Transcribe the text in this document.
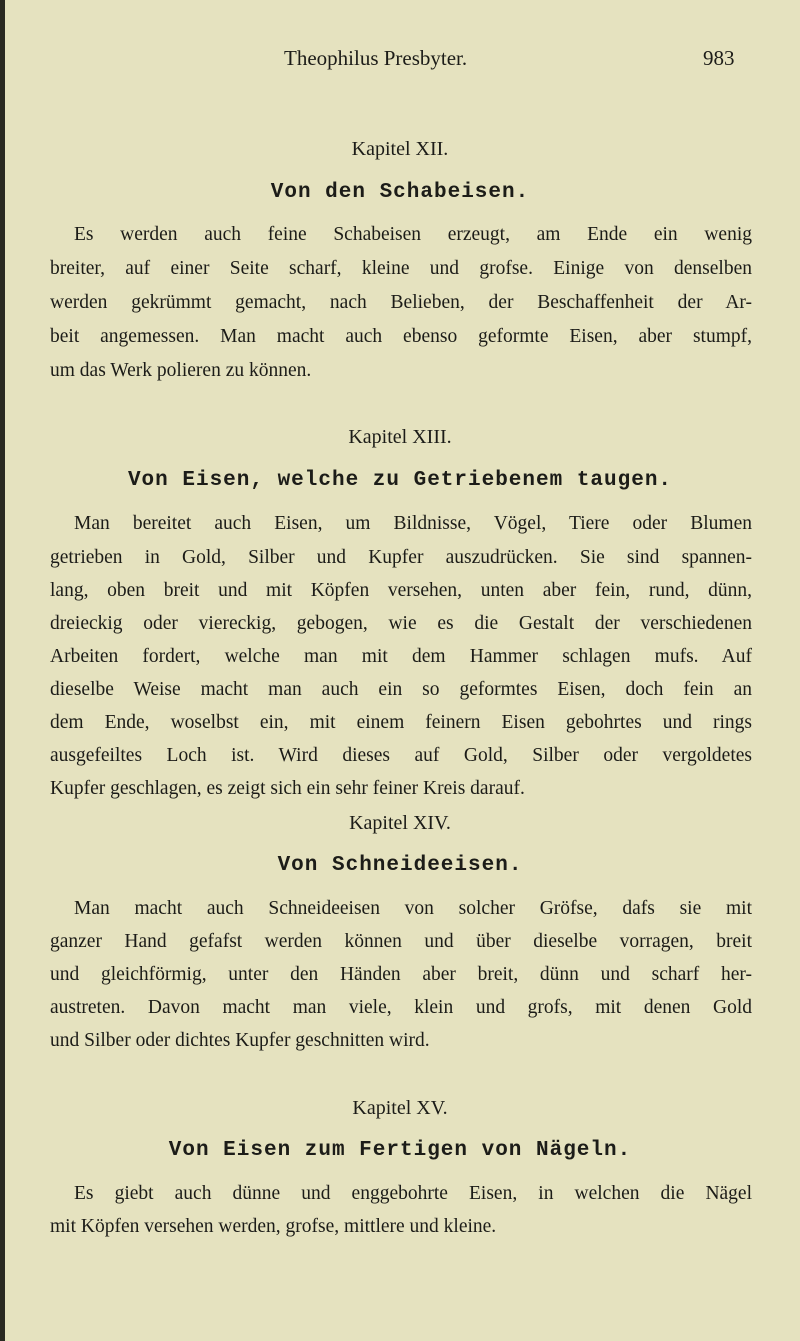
Theophilus Presbyter.	983
Kapitel XII.
Von den Schabeisen.
Es werden auch feine Schabeisen erzeugt, am Ende ein wenig
breiter, auf einer Seite scharf, kleine und grofse. Einige von denselben
werden gekrümmt gemacht, nach Belieben, der Beschaffenheit der Ar-
beit angemessen. Man macht auch ebenso geformte Eisen, aber stumpf,
um das Werk polieren zu können.
Kapitel XIII.
Von Eisen, welche zu Getriebenem taugen.
Man bereitet auch Eisen, um Bildnisse, Vögel, Tiere oder Blumen
getrieben in Gold, Silber und Kupfer auszudrücken. Sie sind spannen-
lang, oben breit und mit Köpfen versehen, unten aber fein, rund, dünn,
dreieckig oder viereckig, gebogen, wie es die Gestalt der verschiedenen
Arbeiten fordert, welche man mit dem Hammer schlagen mufs. Auf
dieselbe Weise macht man auch ein so geformtes Eisen, doch fein an
dem Ende, woselbst ein, mit einem feinern Eisen gebohrtes und rings
ausgefeiltes Loch ist. Wird dieses auf Gold, Silber oder vergoldetes
Kupfer geschlagen, es zeigt sich ein sehr feiner Kreis darauf.
Kapitel XIV.
Von Schneideeisen.
Man macht auch Schneideeisen von solcher Gröfse, dafs sie mit
ganzer Hand gefafst werden können und über dieselbe vorragen, breit
und gleichförmig, unter den Händen aber breit, dünn und scharf her-
austreten. Davon macht man viele, klein und grofs, mit denen Gold
und Silber oder dichtes Kupfer geschnitten wird.
Kapitel XV.
Von Eisen zum Fertigen von Nägeln.
Es giebt auch dünne und enggebohrte Eisen, in welchen die Nägel
mit Köpfen versehen werden, grofse, mittlere und kleine.
